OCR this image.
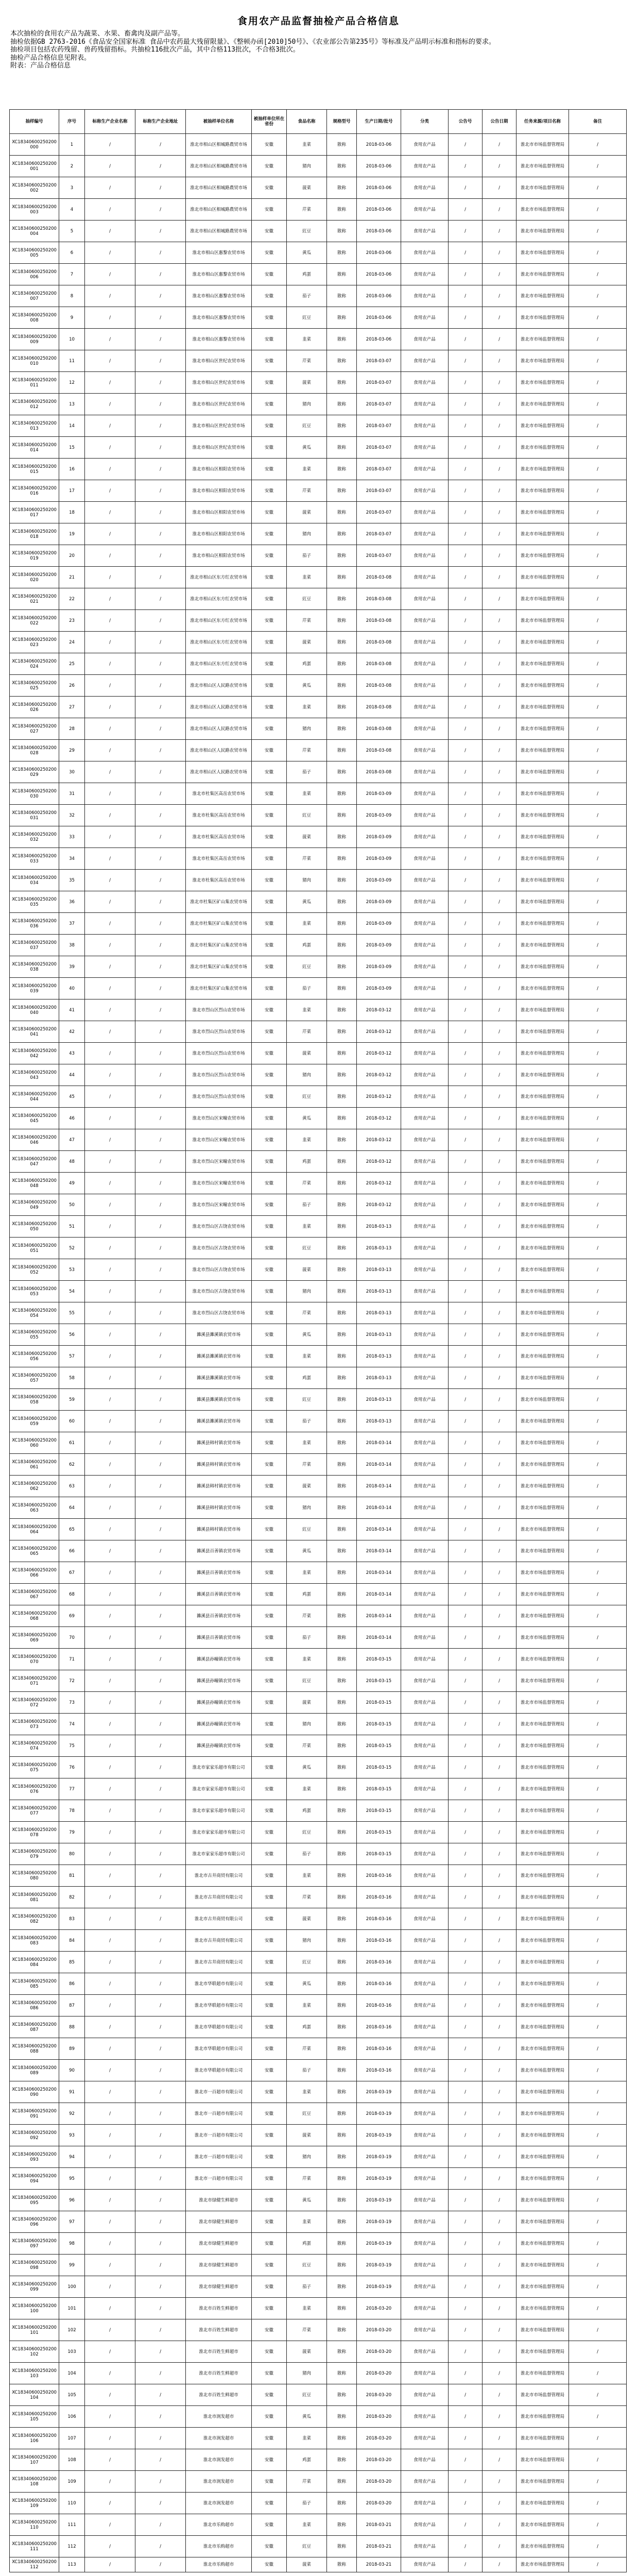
食用农产品监督抽检产品合格信息

本次抽检的食用农产品为蔬菜、水果、畜禽肉及副产品等。

抽检依据GB 2763-2016《食品安全国家标准 食品中农药最大残留限量》、《整顿办函[2010]50号》、《农业部公告第235号》等标准及产品明示标准和指标的要求。

抽检项目包括农药残留、兽药残留指标。共抽检116批次产品，其中合格113批次，不合格3批次。

抽检产品合格信息见附表。

附表：产品合格信息

抽样编号	序号	标称生产企业名称	标称生产企业地址	被抽样单位名称	被抽样单位所在省份	食品名称	规格型号	生产日期/批号	分类	公告号	公告日期	任务来源/项目名称	备注
XC18340600250200000	1	/	/	淮北市相山区相城路農贸市场	安徽	韭菜	散称	2018-03-06	食用农产品	/	/	淮北市市场监督管理局	/
XC18340600250200001	2	/	/	淮北市相山区相城路農贸市场	安徽	猪肉	散称	2018-03-06	食用农产品	/	/	淮北市市场监督管理局	/
XC18340600250200002	3	/	/	淮北市相山区相城路農贸市场	安徽	菠菜	散称	2018-03-06	食用农产品	/	/	淮北市市场监督管理局	/
XC18340600250200003	4	/	/	淮北市相山区相城路農贸市场	安徽	芹菜	散称	2018-03-06	食用农产品	/	/	淮北市市场监督管理局	/
XC18340600250200004	5	/	/	淮北市相山区相城路農贸市场	安徽	豇豆	散称	2018-03-06	食用农产品	/	/	淮北市市场监督管理局	/
XC18340600250200005	6	/	/	淮北市相山区惠黎农贸市场	安徽	黄瓜	散称	2018-03-06	食用农产品	/	/	淮北市市场监督管理局	/
XC18340600250200006	7	/	/	淮北市相山区惠黎农贸市场	安徽	鸡蛋	散称	2018-03-06	食用农产品	/	/	淮北市市场监督管理局	/
XC18340600250200007	8	/	/	淮北市相山区惠黎农贸市场	安徽	茄子	散称	2018-03-06	食用农产品	/	/	淮北市市场监督管理局	/
XC18340600250200008	9	/	/	淮北市相山区惠黎农贸市场	安徽	豇豆	散称	2018-03-06	食用农产品	/	/	淮北市市场监督管理局	/
XC18340600250200009	10	/	/	淮北市相山区惠黎农贸市场	安徽	韭菜	散称	2018-03-06	食用农产品	/	/	淮北市市场监督管理局	/
XC18340600250200010	11	/	/	淮北市相山区世纪农贸市场	安徽	芹菜	散称	2018-03-07	食用农产品	/	/	淮北市市场监督管理局	/
XC18340600250200011	12	/	/	淮北市相山区世纪农贸市场	安徽	菠菜	散称	2018-03-07	食用农产品	/	/	淮北市市场监督管理局	/
XC18340600250200012	13	/	/	淮北市相山区世纪农贸市场	安徽	猪肉	散称	2018-03-07	食用农产品	/	/	淮北市市场监督管理局	/
XC18340600250200013	14	/	/	淮北市相山区世纪农贸市场	安徽	豇豆	散称	2018-03-07	食用农产品	/	/	淮北市市场监督管理局	/
XC18340600250200014	15	/	/	淮北市相山区世纪农贸市场	安徽	黄瓜	散称	2018-03-07	食用农产品	/	/	淮北市市场监督管理局	/
XC18340600250200015	16	/	/	淮北市相山区相阳农贸市场	安徽	韭菜	散称	2018-03-07	食用农产品	/	/	淮北市市场监督管理局	/
XC18340600250200016	17	/	/	淮北市相山区相阳农贸市场	安徽	芹菜	散称	2018-03-07	食用农产品	/	/	淮北市市场监督管理局	/
XC18340600250200017	18	/	/	淮北市相山区相阳农贸市场	安徽	菠菜	散称	2018-03-07	食用农产品	/	/	淮北市市场监督管理局	/
XC18340600250200018	19	/	/	淮北市相山区相阳农贸市场	安徽	猪肉	散称	2018-03-07	食用农产品	/	/	淮北市市场监督管理局	/
XC18340600250200019	20	/	/	淮北市相山区相阳农贸市场	安徽	茄子	散称	2018-03-07	食用农产品	/	/	淮北市市场监督管理局	/
XC18340600250200020	21	/	/	淮北市相山区东方红农贸市场	安徽	韭菜	散称	2018-03-08	食用农产品	/	/	淮北市市场监督管理局	/
XC18340600250200021	22	/	/	淮北市相山区东方红农贸市场	安徽	豇豆	散称	2018-03-08	食用农产品	/	/	淮北市市场监督管理局	/
XC18340600250200022	23	/	/	淮北市相山区东方红农贸市场	安徽	芹菜	散称	2018-03-08	食用农产品	/	/	淮北市市场监督管理局	/
XC18340600250200023	24	/	/	淮北市相山区东方红农贸市场	安徽	菠菜	散称	2018-03-08	食用农产品	/	/	淮北市市场监督管理局	/
XC18340600250200024	25	/	/	淮北市相山区东方红农贸市场	安徽	鸡蛋	散称	2018-03-08	食用农产品	/	/	淮北市市场监督管理局	/
XC18340600250200025	26	/	/	淮北市相山区人民路农贸市场	安徽	黄瓜	散称	2018-03-08	食用农产品	/	/	淮北市市场监督管理局	/
XC18340600250200026	27	/	/	淮北市相山区人民路农贸市场	安徽	韭菜	散称	2018-03-08	食用农产品	/	/	淮北市市场监督管理局	/
XC18340600250200027	28	/	/	淮北市相山区人民路农贸市场	安徽	猪肉	散称	2018-03-08	食用农产品	/	/	淮北市市场监督管理局	/
XC18340600250200028	29	/	/	淮北市相山区人民路农贸市场	安徽	芹菜	散称	2018-03-08	食用农产品	/	/	淮北市市场监督管理局	/
XC18340600250200029	30	/	/	淮北市相山区人民路农贸市场	安徽	茄子	散称	2018-03-08	食用农产品	/	/	淮北市市场监督管理局	/
XC18340600250200030	31	/	/	淮北市杜集区高岳农贸市场	安徽	韭菜	散称	2018-03-09	食用农产品	/	/	淮北市市场监督管理局	/
XC18340600250200031	32	/	/	淮北市杜集区高岳农贸市场	安徽	豇豆	散称	2018-03-09	食用农产品	/	/	淮北市市场监督管理局	/
XC18340600250200032	33	/	/	淮北市杜集区高岳农贸市场	安徽	菠菜	散称	2018-03-09	食用农产品	/	/	淮北市市场监督管理局	/
XC18340600250200033	34	/	/	淮北市杜集区高岳农贸市场	安徽	芹菜	散称	2018-03-09	食用农产品	/	/	淮北市市场监督管理局	/
XC18340600250200034	35	/	/	淮北市杜集区高岳农贸市场	安徽	猪肉	散称	2018-03-09	食用农产品	/	/	淮北市市场监督管理局	/
XC18340600250200035	36	/	/	淮北市杜集区矿山集农贸市场	安徽	黄瓜	散称	2018-03-09	食用农产品	/	/	淮北市市场监督管理局	/
XC18340600250200036	37	/	/	淮北市杜集区矿山集农贸市场	安徽	韭菜	散称	2018-03-09	食用农产品	/	/	淮北市市场监督管理局	/
XC18340600250200037	38	/	/	淮北市杜集区矿山集农贸市场	安徽	鸡蛋	散称	2018-03-09	食用农产品	/	/	淮北市市场监督管理局	/
XC18340600250200038	39	/	/	淮北市杜集区矿山集农贸市场	安徽	豇豆	散称	2018-03-09	食用农产品	/	/	淮北市市场监督管理局	/
XC18340600250200039	40	/	/	淮北市杜集区矿山集农贸市场	安徽	茄子	散称	2018-03-09	食用农产品	/	/	淮北市市场监督管理局	/
XC18340600250200040	41	/	/	淮北市烈山区烈山农贸市场	安徽	韭菜	散称	2018-03-12	食用农产品	/	/	淮北市市场监督管理局	/
XC18340600250200041	42	/	/	淮北市烈山区烈山农贸市场	安徽	芹菜	散称	2018-03-12	食用农产品	/	/	淮北市市场监督管理局	/
XC18340600250200042	43	/	/	淮北市烈山区烈山农贸市场	安徽	菠菜	散称	2018-03-12	食用农产品	/	/	淮北市市场监督管理局	/
XC18340600250200043	44	/	/	淮北市烈山区烈山农贸市场	安徽	猪肉	散称	2018-03-12	食用农产品	/	/	淮北市市场监督管理局	/
XC18340600250200044	45	/	/	淮北市烈山区烈山农贸市场	安徽	豇豆	散称	2018-03-12	食用农产品	/	/	淮北市市场监督管理局	/
XC18340600250200045	46	/	/	淮北市烈山区宋疃农贸市场	安徽	黄瓜	散称	2018-03-12	食用农产品	/	/	淮北市市场监督管理局	/
XC18340600250200046	47	/	/	淮北市烈山区宋疃农贸市场	安徽	韭菜	散称	2018-03-12	食用农产品	/	/	淮北市市场监督管理局	/
XC18340600250200047	48	/	/	淮北市烈山区宋疃农贸市场	安徽	鸡蛋	散称	2018-03-12	食用农产品	/	/	淮北市市场监督管理局	/
XC18340600250200048	49	/	/	淮北市烈山区宋疃农贸市场	安徽	芹菜	散称	2018-03-12	食用农产品	/	/	淮北市市场监督管理局	/
XC18340600250200049	50	/	/	淮北市烈山区宋疃农贸市场	安徽	茄子	散称	2018-03-12	食用农产品	/	/	淮北市市场监督管理局	/
XC18340600250200050	51	/	/	淮北市烈山区古饶农贸市场	安徽	韭菜	散称	2018-03-13	食用农产品	/	/	淮北市市场监督管理局	/
XC18340600250200051	52	/	/	淮北市烈山区古饶农贸市场	安徽	豇豆	散称	2018-03-13	食用农产品	/	/	淮北市市场监督管理局	/
XC18340600250200052	53	/	/	淮北市烈山区古饶农贸市场	安徽	菠菜	散称	2018-03-13	食用农产品	/	/	淮北市市场监督管理局	/
XC18340600250200053	54	/	/	淮北市烈山区古饶农贸市场	安徽	猪肉	散称	2018-03-13	食用农产品	/	/	淮北市市场监督管理局	/
XC18340600250200054	55	/	/	淮北市烈山区古饶农贸市场	安徽	芹菜	散称	2018-03-13	食用农产品	/	/	淮北市市场监督管理局	/
XC18340600250200055	56	/	/	濉溪县濉溪镇农贸市场	安徽	黄瓜	散称	2018-03-13	食用农产品	/	/	淮北市市场监督管理局	/
XC18340600250200056	57	/	/	濉溪县濉溪镇农贸市场	安徽	韭菜	散称	2018-03-13	食用农产品	/	/	淮北市市场监督管理局	/
XC18340600250200057	58	/	/	濉溪县濉溪镇农贸市场	安徽	鸡蛋	散称	2018-03-13	食用农产品	/	/	淮北市市场监督管理局	/
XC18340600250200058	59	/	/	濉溪县濉溪镇农贸市场	安徽	豇豆	散称	2018-03-13	食用农产品	/	/	淮北市市场监督管理局	/
XC18340600250200059	60	/	/	濉溪县濉溪镇农贸市场	安徽	茄子	散称	2018-03-13	食用农产品	/	/	淮北市市场监督管理局	/
XC18340600250200060	61	/	/	濉溪县韩村镇农贸市场	安徽	韭菜	散称	2018-03-14	食用农产品	/	/	淮北市市场监督管理局	/
XC18340600250200061	62	/	/	濉溪县韩村镇农贸市场	安徽	芹菜	散称	2018-03-14	食用农产品	/	/	淮北市市场监督管理局	/
XC18340600250200062	63	/	/	濉溪县韩村镇农贸市场	安徽	菠菜	散称	2018-03-14	食用农产品	/	/	淮北市市场监督管理局	/
XC18340600250200063	64	/	/	濉溪县韩村镇农贸市场	安徽	猪肉	散称	2018-03-14	食用农产品	/	/	淮北市市场监督管理局	/
XC18340600250200064	65	/	/	濉溪县韩村镇农贸市场	安徽	豇豆	散称	2018-03-14	食用农产品	/	/	淮北市市场监督管理局	/
XC18340600250200065	66	/	/	濉溪县百善镇农贸市场	安徽	黄瓜	散称	2018-03-14	食用农产品	/	/	淮北市市场监督管理局	/
XC18340600250200066	67	/	/	濉溪县百善镇农贸市场	安徽	韭菜	散称	2018-03-14	食用农产品	/	/	淮北市市场监督管理局	/
XC18340600250200067	68	/	/	濉溪县百善镇农贸市场	安徽	鸡蛋	散称	2018-03-14	食用农产品	/	/	淮北市市场监督管理局	/
XC18340600250200068	69	/	/	濉溪县百善镇农贸市场	安徽	芹菜	散称	2018-03-14	食用农产品	/	/	淮北市市场监督管理局	/
XC18340600250200069	70	/	/	濉溪县百善镇农贸市场	安徽	茄子	散称	2018-03-14	食用农产品	/	/	淮北市市场监督管理局	/
XC18340600250200070	71	/	/	濉溪县孙疃镇农贸市场	安徽	韭菜	散称	2018-03-15	食用农产品	/	/	淮北市市场监督管理局	/
XC18340600250200071	72	/	/	濉溪县孙疃镇农贸市场	安徽	豇豆	散称	2018-03-15	食用农产品	/	/	淮北市市场监督管理局	/
XC18340600250200072	73	/	/	濉溪县孙疃镇农贸市场	安徽	菠菜	散称	2018-03-15	食用农产品	/	/	淮北市市场监督管理局	/
XC18340600250200073	74	/	/	濉溪县孙疃镇农贸市场	安徽	猪肉	散称	2018-03-15	食用农产品	/	/	淮北市市场监督管理局	/
XC18340600250200074	75	/	/	濉溪县孙疃镇农贸市场	安徽	芹菜	散称	2018-03-15	食用农产品	/	/	淮北市市场监督管理局	/
XC18340600250200075	76	/	/	淮北市家家乐超市有限公司	安徽	黄瓜	散称	2018-03-15	食用农产品	/	/	淮北市市场监督管理局	/
XC18340600250200076	77	/	/	淮北市家家乐超市有限公司	安徽	韭菜	散称	2018-03-15	食用农产品	/	/	淮北市市场监督管理局	/
XC18340600250200077	78	/	/	淮北市家家乐超市有限公司	安徽	鸡蛋	散称	2018-03-15	食用农产品	/	/	淮北市市场监督管理局	/
XC18340600250200078	79	/	/	淮北市家家乐超市有限公司	安徽	豇豆	散称	2018-03-15	食用农产品	/	/	淮北市市场监督管理局	/
XC18340600250200079	80	/	/	淮北市家家乐超市有限公司	安徽	茄子	散称	2018-03-15	食用农产品	/	/	淮北市市场监督管理局	/
XC18340600250200080	81	/	/	淮北市古井商贸有限公司	安徽	韭菜	散称	2018-03-16	食用农产品	/	/	淮北市市场监督管理局	/
XC18340600250200081	82	/	/	淮北市古井商贸有限公司	安徽	芹菜	散称	2018-03-16	食用农产品	/	/	淮北市市场监督管理局	/
XC18340600250200082	83	/	/	淮北市古井商贸有限公司	安徽	菠菜	散称	2018-03-16	食用农产品	/	/	淮北市市场监督管理局	/
XC18340600250200083	84	/	/	淮北市古井商贸有限公司	安徽	猪肉	散称	2018-03-16	食用农产品	/	/	淮北市市场监督管理局	/
XC18340600250200084	85	/	/	淮北市古井商贸有限公司	安徽	豇豆	散称	2018-03-16	食用农产品	/	/	淮北市市场监督管理局	/
XC18340600250200085	86	/	/	淮北市华联超市有限公司	安徽	黄瓜	散称	2018-03-16	食用农产品	/	/	淮北市市场监督管理局	/
XC18340600250200086	87	/	/	淮北市华联超市有限公司	安徽	韭菜	散称	2018-03-16	食用农产品	/	/	淮北市市场监督管理局	/
XC18340600250200087	88	/	/	淮北市华联超市有限公司	安徽	鸡蛋	散称	2018-03-16	食用农产品	/	/	淮北市市场监督管理局	/
XC18340600250200088	89	/	/	淮北市华联超市有限公司	安徽	芹菜	散称	2018-03-16	食用农产品	/	/	淮北市市场监督管理局	/
XC18340600250200089	90	/	/	淮北市华联超市有限公司	安徽	茄子	散称	2018-03-16	食用农产品	/	/	淮北市市场监督管理局	/
XC18340600250200090	91	/	/	淮北市一百超市有限公司	安徽	韭菜	散称	2018-03-19	食用农产品	/	/	淮北市市场监督管理局	/
XC18340600250200091	92	/	/	淮北市一百超市有限公司	安徽	豇豆	散称	2018-03-19	食用农产品	/	/	淮北市市场监督管理局	/
XC18340600250200092	93	/	/	淮北市一百超市有限公司	安徽	菠菜	散称	2018-03-19	食用农产品	/	/	淮北市市场监督管理局	/
XC18340600250200093	94	/	/	淮北市一百超市有限公司	安徽	猪肉	散称	2018-03-19	食用农产品	/	/	淮北市市场监督管理局	/
XC18340600250200094	95	/	/	淮北市一百超市有限公司	安徽	芹菜	散称	2018-03-19	食用农产品	/	/	淮北市市场监督管理局	/
XC18340600250200095	96	/	/	淮北市绿健生鲜超市	安徽	黄瓜	散称	2018-03-19	食用农产品	/	/	淮北市市场监督管理局	/
XC18340600250200096	97	/	/	淮北市绿健生鲜超市	安徽	韭菜	散称	2018-03-19	食用农产品	/	/	淮北市市场监督管理局	/
XC18340600250200097	98	/	/	淮北市绿健生鲜超市	安徽	鸡蛋	散称	2018-03-19	食用农产品	/	/	淮北市市场监督管理局	/
XC18340600250200098	99	/	/	淮北市绿健生鲜超市	安徽	豇豆	散称	2018-03-19	食用农产品	/	/	淮北市市场监督管理局	/
XC18340600250200099	100	/	/	淮北市绿健生鲜超市	安徽	茄子	散称	2018-03-19	食用农产品	/	/	淮北市市场监督管理局	/
XC18340600250200100	101	/	/	淮北市百姓生鲜超市	安徽	韭菜	散称	2018-03-20	食用农产品	/	/	淮北市市场监督管理局	/
XC18340600250200101	102	/	/	淮北市百姓生鲜超市	安徽	芹菜	散称	2018-03-20	食用农产品	/	/	淮北市市场监督管理局	/
XC18340600250200102	103	/	/	淮北市百姓生鲜超市	安徽	菠菜	散称	2018-03-20	食用农产品	/	/	淮北市市场监督管理局	/
XC18340600250200103	104	/	/	淮北市百姓生鲜超市	安徽	猪肉	散称	2018-03-20	食用农产品	/	/	淮北市市场监督管理局	/
XC18340600250200104	105	/	/	淮北市百姓生鲜超市	安徽	豇豆	散称	2018-03-20	食用农产品	/	/	淮北市市场监督管理局	/
XC18340600250200105	106	/	/	淮北市润发超市	安徽	黄瓜	散称	2018-03-20	食用农产品	/	/	淮北市市场监督管理局	/
XC18340600250200106	107	/	/	淮北市润发超市	安徽	韭菜	散称	2018-03-20	食用农产品	/	/	淮北市市场监督管理局	/
XC18340600250200107	108	/	/	淮北市润发超市	安徽	鸡蛋	散称	2018-03-20	食用农产品	/	/	淮北市市场监督管理局	/
XC18340600250200108	109	/	/	淮北市润发超市	安徽	芹菜	散称	2018-03-20	食用农产品	/	/	淮北市市场监督管理局	/
XC18340600250200109	110	/	/	淮北市润发超市	安徽	茄子	散称	2018-03-20	食用农产品	/	/	淮北市市场监督管理局	/
XC18340600250200110	111	/	/	淮北市乐购超市	安徽	韭菜	散称	2018-03-21	食用农产品	/	/	淮北市市场监督管理局	/
XC18340600250200111	112	/	/	淮北市乐购超市	安徽	豇豆	散称	2018-03-21	食用农产品	/	/	淮北市市场监督管理局	/
XC18340600250200112	113	/	/	淮北市乐购超市	安徽	菠菜	散称	2018-03-21	食用农产品	/	/	淮北市市场监督管理局	/
